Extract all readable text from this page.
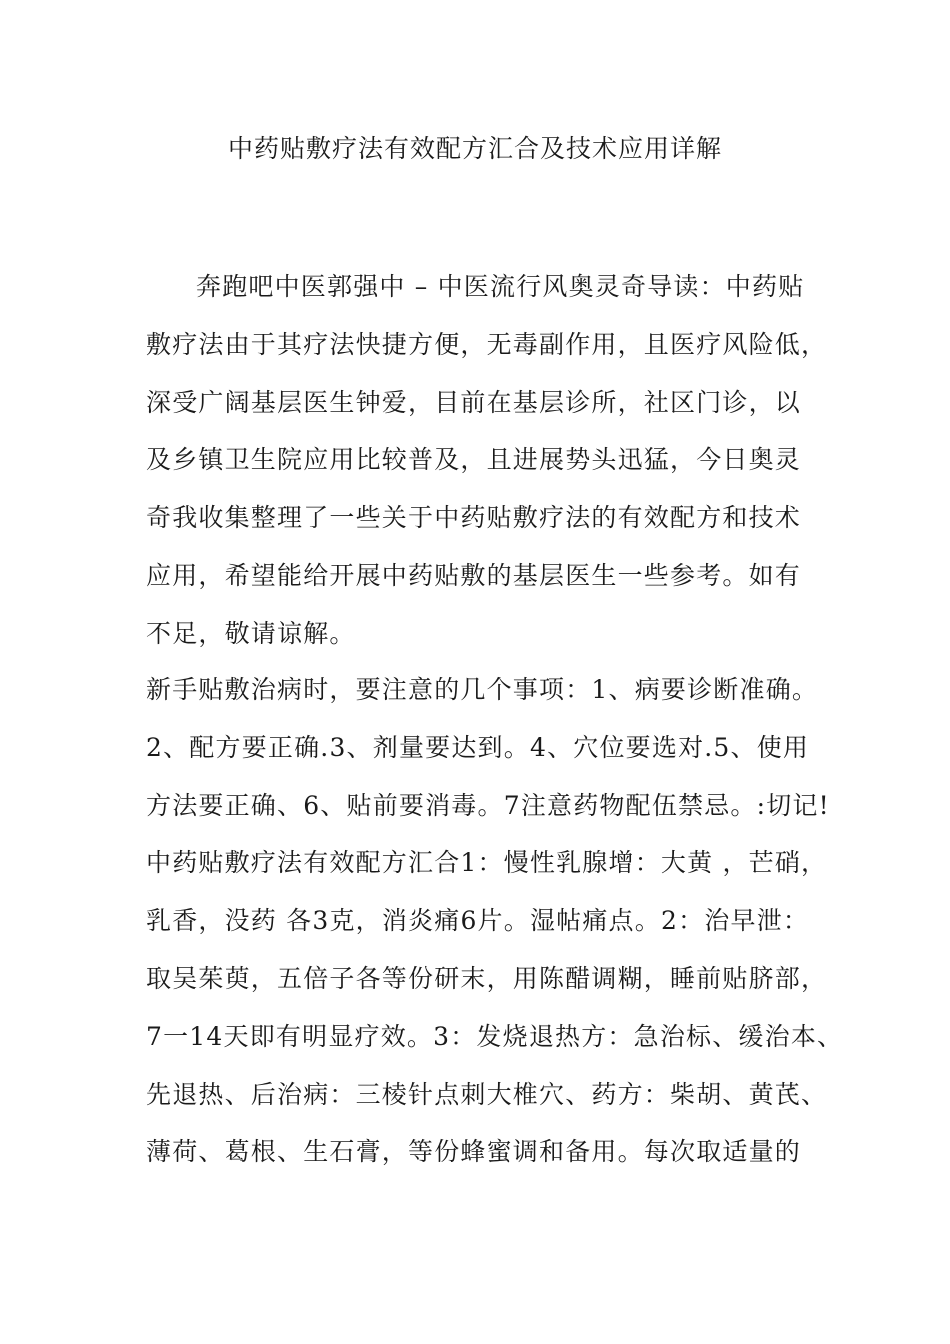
中药贴敷疗法有效配方汇合及技术应用详解
奔跑吧中医郭强中 – 中医流行风奥灵奇导读：中药贴
敷疗法由于其疗法快捷方便，无毒副作用，且医疗风险低，
深受广阔基层医生钟爱，目前在基层诊所，社区门诊，以
及乡镇卫生院应用比较普及，且进展势头迅猛，今日奥灵
奇我收集整理了一些关于中药贴敷疗法的有效配方和技术
应用，希望能给开展中药贴敷的基层医生一些参考。如有
不足，敬请谅解。
新手贴敷治病时，要注意的几个事项：1、病要诊断准确。
2、配方要正确.3、剂量要达到。4、穴位要选对.5、使用
方法要正确、6、贴前要消毒。7注意药物配伍禁忌。:切记!
中药贴敷疗法有效配方汇合1：慢性乳腺增：大黄 ，芒硝，
乳香，没药 各3克，消炎痛6片。湿帖痛点。2：治早泄：
取吴茱萸，五倍子各等份研末，用陈醋调糊，睡前贴脐部，
7一14天即有明显疗效。3：发烧退热方：急治标、缓治本、
先退热、后治病：三棱针点刺大椎穴、药方：柴胡、黄芪、
薄荷、葛根、生石膏，等份蜂蜜调和备用。每次取适量的
